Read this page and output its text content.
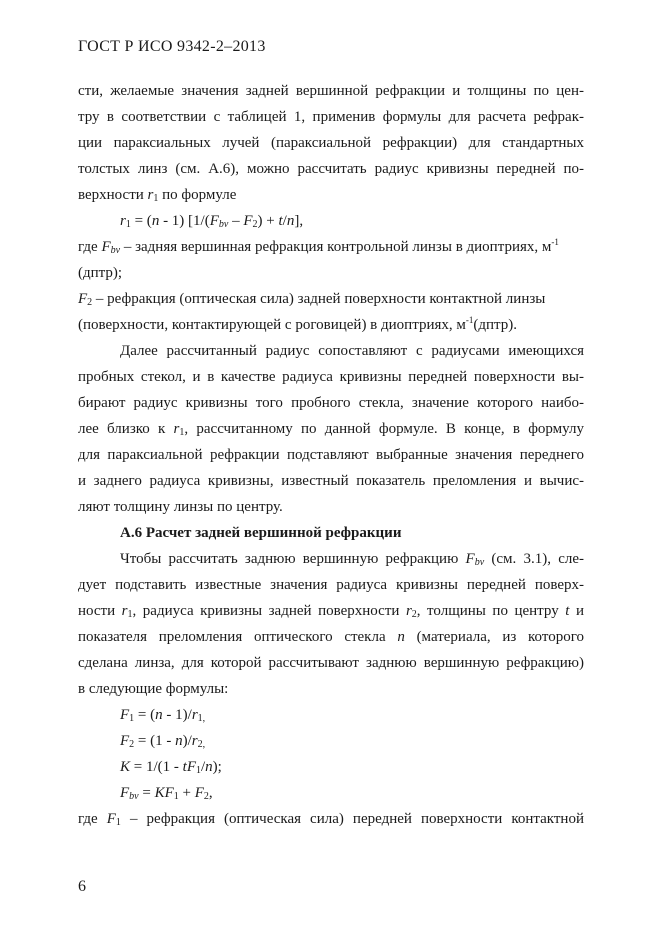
ГОСТ Р ИСО 9342-2–2013
сти, желаемые значения задней вершинной рефракции и толщины по цен-
тру в соответствии с таблицей 1, применив формулы для расчета рефрак-
ции параксиальных лучей (параксиальной рефракции) для стандартных
толстых линз (см. А.6), можно рассчитать радиус кривизны передней по-
верхности $r_1$ по формуле
$r_1 = (n - 1)$ $[1/(F_{bv} - F_2) + t/n]$,
где $F_{bv}$ – задняя вершинная рефракция контрольной линзы в диоптриях, $м^{-1}$
(дптр);
$F_2$ – рефракция (оптическая сила) задней поверхности контактной линзы
(поверхности, контактирующей с роговицей) в диоптриях, $м^{-1}(дптр)$.
Далее рассчитанный радиус сопоставляют с радиусами имеющихся
пробных стекол, и в качестве радиуса кривизны передней поверхности вы-
бирают радиус кривизны того пробного стекла, значение которого наибо-
лее близко к $r_1$, рассчитанному по данной формуле. В конце, в формулу
для параксиальной рефракции подставляют выбранные значения переднего
и заднего радиуса кривизны, известный показатель преломления и вычис-
ляют толщину линзы по центру.
А.6 Расчет задней вершинной рефракции
Чтобы рассчитать заднюю вершинную рефракцию $F_{bv}$ (см. 3.1), сле-
дует подставить известные значения радиуса кривизны передней поверх-
ности $r_1$, радиуса кривизны задней поверхности $r_2$, толщины по центру t и
показателя преломления оптического стекла n (материала, из которого
сделана линза, для которой рассчитывают заднюю вершинную рефракцию)
в следующие формулы:
$F_1 = (n - 1)/r_{1,}$
$F_2 = (1 - n)/r_{2,}$
$K = 1/(1 - tF_1/n)$;
$F_{bv} = KF_1 + F_2$,
где $F_1$ – рефракция (оптическая сила) передней поверхности контактной
6
